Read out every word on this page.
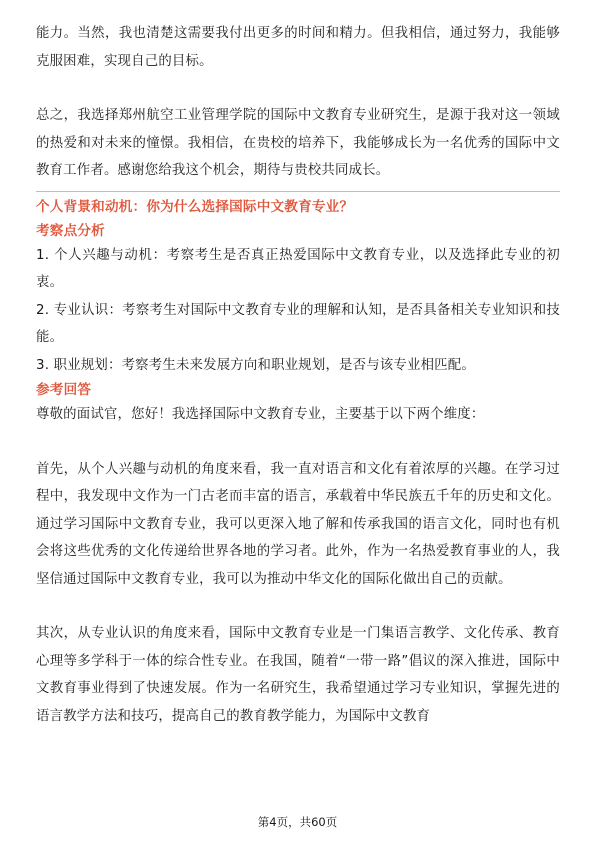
能力。当然，我也清楚这需要我付出更多的时间和精力。但我相信，通过努力，我能够克服困难，实现自己的目标。

总之，我选择郑州航空工业管理学院的国际中文教育专业研究生，是源于我对这一领域的热爱和对未来的憧憬。我相信，在贵校的培养下，我能够成长为一名优秀的国际中文教育工作者。感谢您给我这个机会，期待与贵校共同成长。

个人背景和动机：你为什么选择国际中文教育专业？
考察点分析

1. 个人兴趣与动机：考察考生是否真正热爱国际中文教育专业，以及选择此专业的初衷。

2. 专业认识：考察考生对国际中文教育专业的理解和认知，是否具备相关专业知识和技能。

3. 职业规划：考察考生未来发展方向和职业规划，是否与该专业相匹配。

参考回答

尊敬的面试官，您好！我选择国际中文教育专业，主要基于以下两个维度：

首先，从个人兴趣与动机的角度来看，我一直对语言和文化有着浓厚的兴趣。在学习过程中，我发现中文作为一门古老而丰富的语言，承载着中华民族五千年的历史和文化。通过学习国际中文教育专业，我可以更深入地了解和传承我国的语言文化，同时也有机会将这些优秀的文化传递给世界各地的学习者。此外，作为一名热爱教育事业的人，我坚信通过国际中文教育专业，我可以为推动中华文化的国际化做出自己的贡献。

其次，从专业认识的角度来看，国际中文教育专业是一门集语言教学、文化传承、教育心理等多学科于一体的综合性专业。在我国，随着“一带一路”倡议的深入推进，国际中文教育事业得到了快速发展。作为一名研究生，我希望通过学习专业知识，掌握先进的语言教学方法和技巧，提高自己的教育教学能力，为国际中文教育

第4页，共60页
